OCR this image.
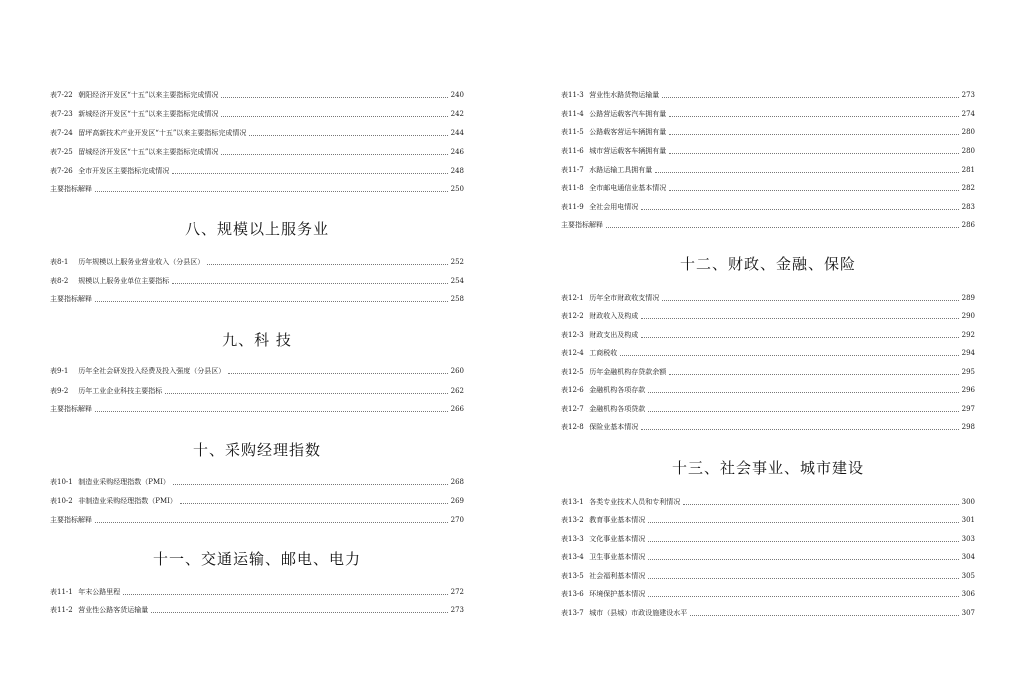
表7-22 朝阳经济开发区“十五”以来主要指标完成情况	240
表7-23 新城经济开发区“十五”以来主要指标完成情况	242
表7-24 留坪高新技术产业开发区“十五”以来主要指标完成情况	244
表7-25 留城经济开发区“十五”以来主要指标完成情况	246
表7-26 全市开发区主要指标完成情况	248
主要指标解释	250
八、规模以上服务业
表8-1 历年规模以上服务业营业收入（分县区）	252
表8-2 规模以上服务业单位主要指标	254
主要指标解释	258
九、科 技
表9-1 历年全社会研发投入经费及投入强度（分县区）	260
表9-2 历年工业企业科技主要指标	262
主要指标解释	266
十、采购经理指数
表10-1 制造业采购经理指数（PMI）	268
表10-2 非制造业采购经理指数（PMI）	269
主要指标解释	270
十一、交通运输、邮电、电力
表11-1 年末公路里程	272
表11-2 营业性公路客货运输量	273
表11-3 营业性水路货物运输量	273
表11-4 公路营运载客汽车拥有量	274
表11-5 公路载客营运车辆拥有量	280
表11-6 城市营运载客车辆拥有量	280
表11-7 水路运输工具拥有量	281
表11-8 全市邮电通信业基本情况	282
表11-9 全社会用电情况	283
主要指标解释	286
十二、财政、金融、保险
表12-1 历年全市财政收支情况	289
表12-2 财政收入及构成	290
表12-3 财政支出及构成	292
表12-4 工商税收	294
表12-5 历年金融机构存贷款余额	295
表12-6 金融机构各项存款	296
表12-7 金融机构各项贷款	297
表12-8 保险业基本情况	298
十三、社会事业、城市建设
表13-1 各类专业技术人员和专利情况	300
表13-2 教育事业基本情况	301
表13-3 文化事业基本情况	303
表13-4 卫生事业基本情况	304
表13-5 社会福利基本情况	305
表13-6 环境保护基本情况	306
表13-7 城市（县城）市政设施建设水平	307
